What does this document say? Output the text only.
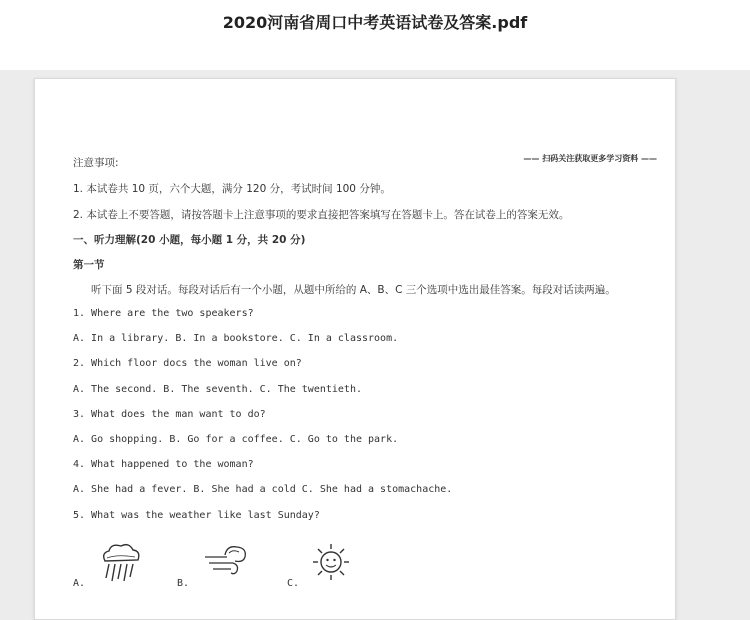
2020河南省周口中考英语试卷及答案.pdf
—— 扫码关注获取更多学习资料 ——
注意事项:
1. 本试卷共 10 页，六个大题，满分 120 分，考试时间 100 分钟。
2. 本试卷上不要答题，请按答题卡上注意事项的要求直接把答案填写在答题卡上。答在试卷上的答案无效。
一、听力理解(20 小题，每小题 1 分，共 20 分)
第一节
听下面 5 段对话。每段对话后有一个小题，从题中所给的 A、B、C 三个选项中选出最佳答案。每段对话读两遍。
1. Where are the two speakers?
A. In a library. B. In a bookstore. C. In a classroom.
2. Which floor docs the woman live on?
A. The second. B. The seventh. C. The twentieth.
3. What does the man want to do?
A. Go shopping. B. Go for a coffee. C. Go to the park.
4. What happened to the woman?
A. She had a fever. B. She had a cold C. She had a stomachache.
5. What was the weather like last Sunday?
A.	B.	C.
